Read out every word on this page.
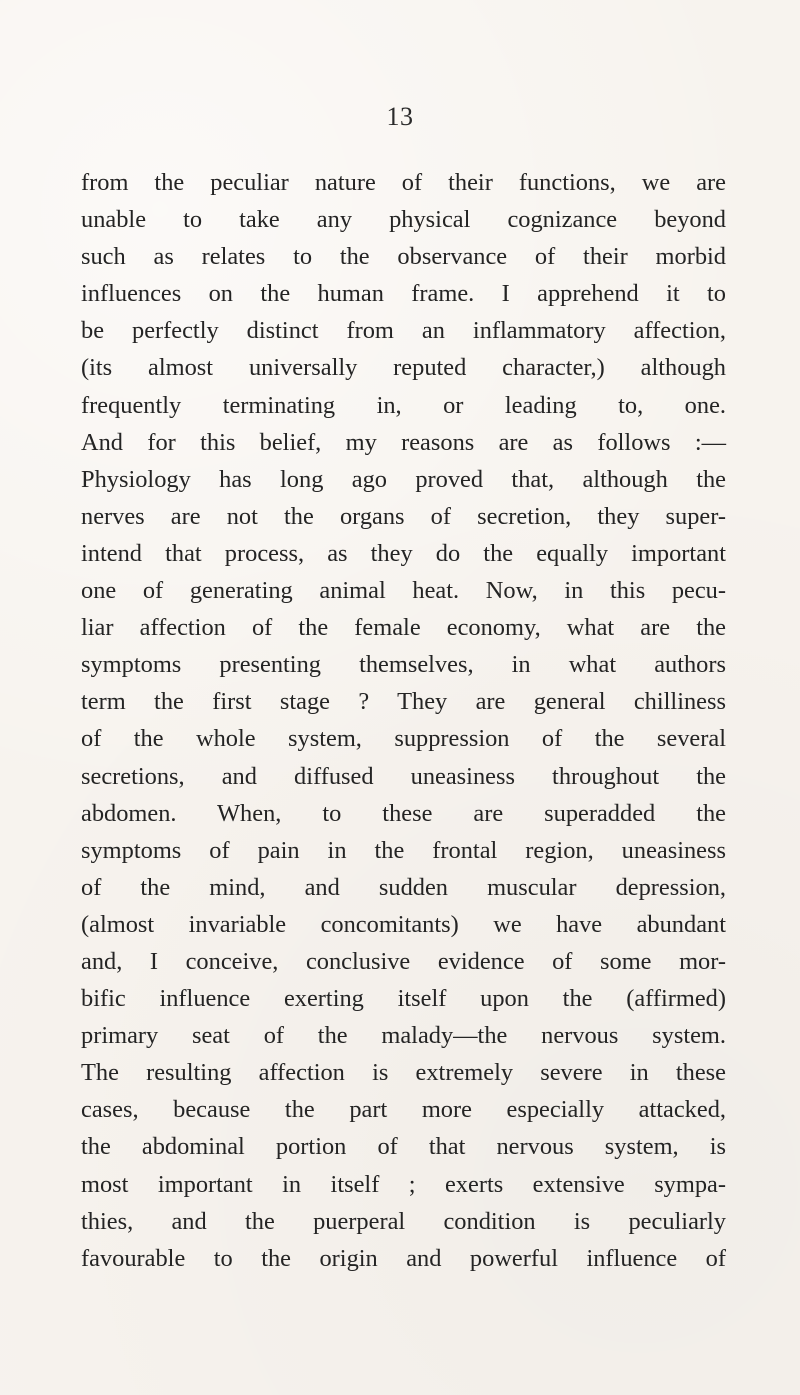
13
from the peculiar nature of their functions, we are
unable to take any physical cognizance beyond
such as relates to the observance of their morbid
influences on the human frame. I apprehend it to
be perfectly distinct from an inflammatory affection,
(its almost universally reputed character,) although
frequently terminating in, or leading to, one.
And for this belief, my reasons are as follows :—
Physiology has long ago proved that, although the
nerves are not the organs of secretion, they super-
intend that process, as they do the equally important
one of generating animal heat. Now, in this pecu-
liar affection of the female economy, what are the
symptoms presenting themselves, in what authors
term the first stage ? They are general chilliness
of the whole system, suppression of the several
secretions, and diffused uneasiness throughout the
abdomen. When, to these are superadded the
symptoms of pain in the frontal region, uneasiness
of the mind, and sudden muscular depression,
(almost invariable concomitants) we have abundant
and, I conceive, conclusive evidence of some mor-
bific influence exerting itself upon the (affirmed)
primary seat of the malady—the nervous system.
The resulting affection is extremely severe in these
cases, because the part more especially attacked,
the abdominal portion of that nervous system, is
most important in itself ; exerts extensive sympa-
thies, and the puerperal condition is peculiarly
favourable to the origin and powerful influence of
